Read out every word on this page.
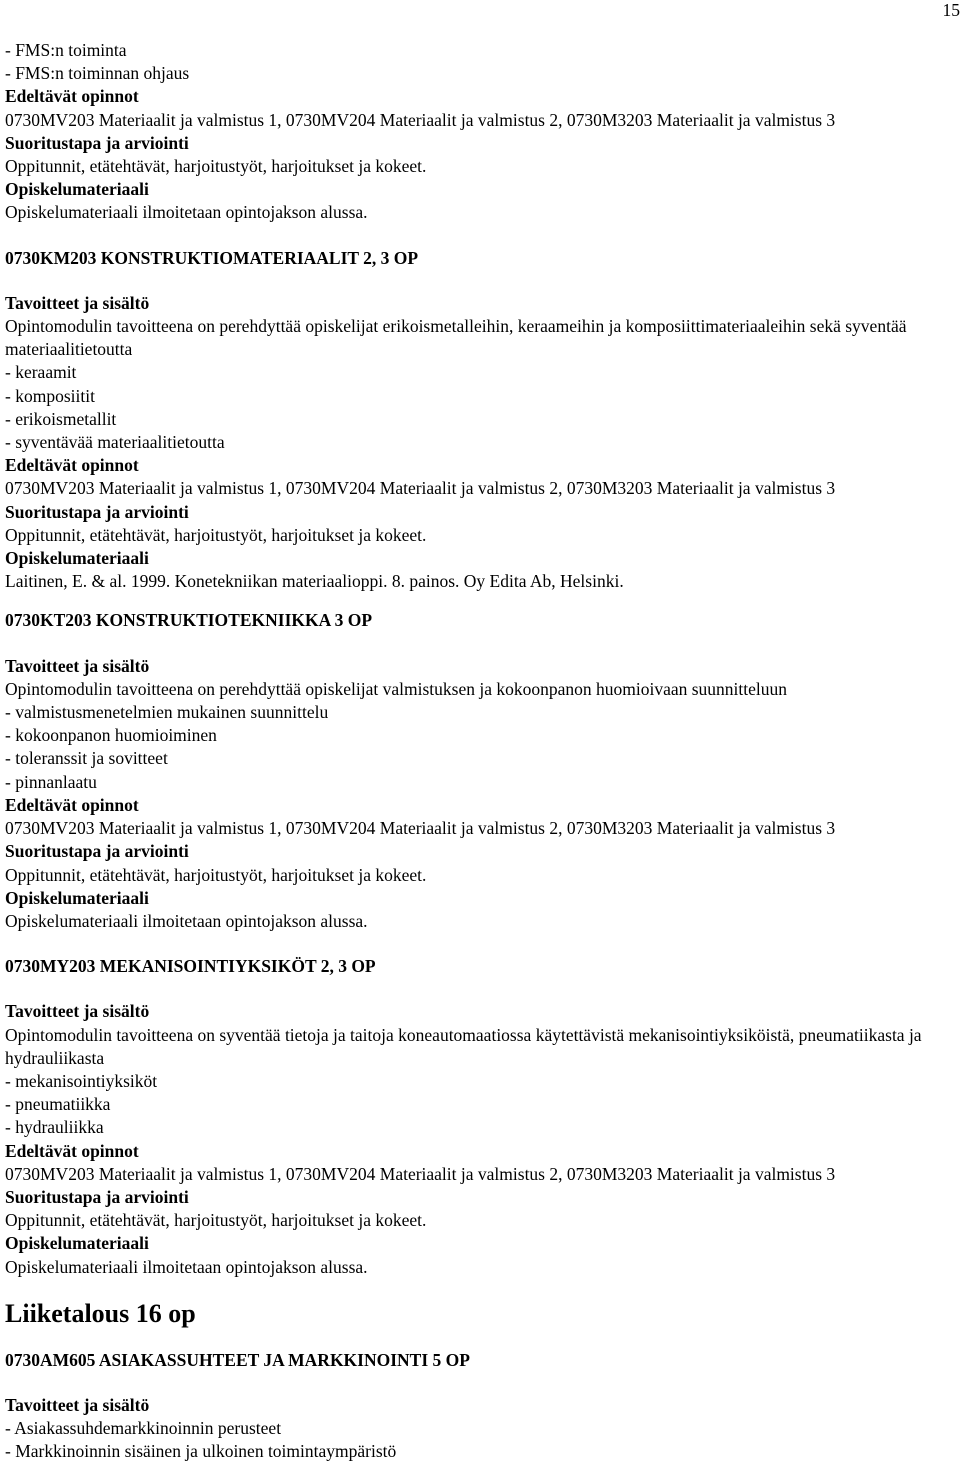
15
- FMS:n toiminta
- FMS:n toiminnan ohjaus
Edeltävät opinnot
0730MV203 Materiaalit ja valmistus 1, 0730MV204 Materiaalit ja valmistus 2, 0730M3203 Materiaalit ja valmistus 3
Suoritustapa ja arviointi
Oppitunnit, etätehtävät, harjoitustyöt, harjoitukset ja kokeet.
Opiskelumateriaali
Opiskelumateriaali ilmoitetaan opintojakson alussa.
0730KM203 KONSTRUKTIOMATERIAALIT 2, 3 OP
Tavoitteet ja sisältö
Opintomodulin tavoitteena on perehdyttää opiskelijat erikoismetalleihin, keraameihin ja komposiittimateriaaleihin sekä syventää materiaalitietoutta
- keraamit
- komposiitit
- erikoismetallit
- syventävää materiaalitietoutta
Edeltävät opinnot
0730MV203 Materiaalit ja valmistus 1, 0730MV204 Materiaalit ja valmistus 2, 0730M3203 Materiaalit ja valmistus 3
Suoritustapa ja arviointi
Oppitunnit, etätehtävät, harjoitustyöt, harjoitukset ja kokeet.
Opiskelumateriaali
Laitinen, E. & al. 1999. Konetekniikan materiaalioppi. 8. painos. Oy Edita Ab, Helsinki.
0730KT203 KONSTRUKTIOTEKNIIKKA 3 OP
Tavoitteet ja sisältö
Opintomodulin tavoitteena on perehdyttää opiskelijat valmistuksen ja kokoonpanon huomioivaan suunnitteluun
- valmistusmenetelmien mukainen suunnittelu
- kokoonpanon huomioiminen
- toleranssit ja sovitteet
- pinnanlaatu
Edeltävät opinnot
0730MV203 Materiaalit ja valmistus 1, 0730MV204 Materiaalit ja valmistus 2, 0730M3203 Materiaalit ja valmistus 3
Suoritustapa ja arviointi
Oppitunnit, etätehtävät, harjoitustyöt, harjoitukset ja kokeet.
Opiskelumateriaali
Opiskelumateriaali ilmoitetaan opintojakson alussa.
0730MY203 MEKANISOINTIYKSIKÖT 2, 3 OP
Tavoitteet ja sisältö
Opintomodulin tavoitteena on syventää tietoja ja taitoja koneautomaatiossa käytettävistä mekanisointiyksiköistä, pneumatiikasta ja hydrauliikasta
- mekanisointiyksiköt
- pneumatiikka
- hydrauliikka
Edeltävät opinnot
0730MV203 Materiaalit ja valmistus 1, 0730MV204 Materiaalit ja valmistus 2, 0730M3203 Materiaalit ja valmistus 3
Suoritustapa ja arviointi
Oppitunnit, etätehtävät, harjoitustyöt, harjoitukset ja kokeet.
Opiskelumateriaali
Opiskelumateriaali ilmoitetaan opintojakson alussa.
Liiketalous 16 op
0730AM605 ASIAKASSUHTEET JA MARKKINOINTI 5 OP
Tavoitteet ja sisältö
- Asiakassuhdemarkkinoinnin perusteet
- Markkinoinnin sisäinen ja ulkoinen toimintaympäristö
